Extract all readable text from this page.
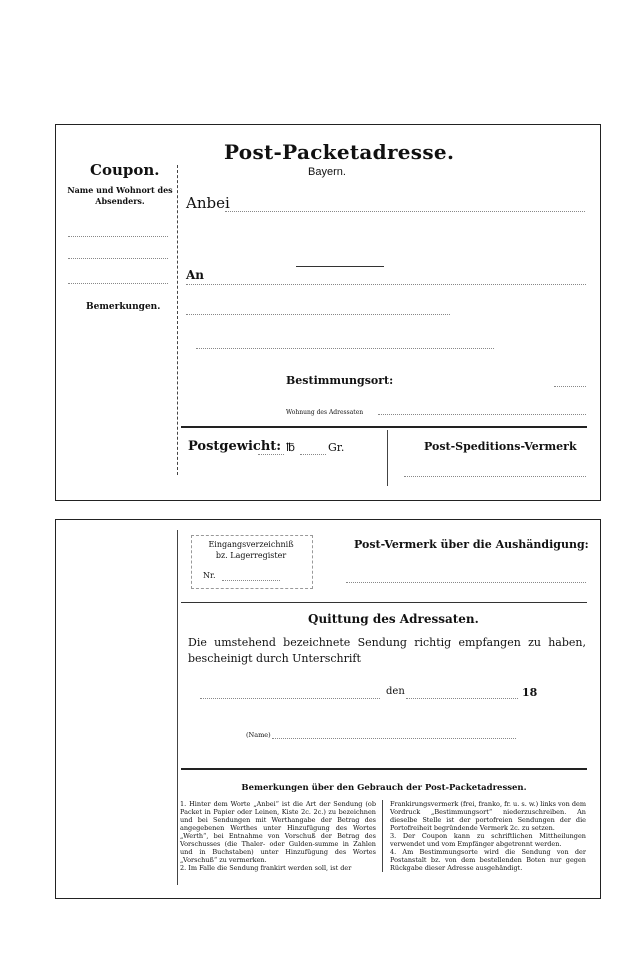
Coupon.
Name und Wohnort des Absenders.
Bemerkungen.
Post-Packetadresse.
Bayern.
Anbei
An
Bestimmungsort:
Wohnung des Adressaten
Postgewicht: ℔	Gr.	Post-Speditions-Vermerk
Eingangsverzeichniß
bz. Lagerregister
Nr.
Post-Vermerk über die Aushändigung:
Quittung des Adressaten.
Die umstehend bezeichnete Sendung richtig empfangen zu haben, bescheinigt durch Unterschrift
den	18
(Name)
Bemerkungen über den Gebrauch der Post-Packetadressen.
1. Hinter dem Worte „Anbei“ ist die Art der Sendung (ob Packet in Papier oder Leinen, Kiste 2c. 2c.) zu bezeichnen und bei Sendungen mit Werthangabe der Betrag des angegebenen Werthes unter Hinzufügung des Wortes „Werth“, bei Entnahme von Vorschuß der Betrag des Vorschusses (die Thaler- oder Gulden-summe in Zahlen und in Buchstaben) unter Hinzufügung des Wortes „Vorschuß“ zu vermerken.
2. Im Falle die Sendung frankirt werden soll, ist der
Frankirungsvermerk (frei, franko, fr. u. s. w.) links von dem Vordruck „Bestimmungsort“ niederzuschreiben. An dieselbe Stelle ist der portofreien Sendungen der die Portofreiheit begründende Vermerk 2c. zu setzen.
3. Der Coupon kann zu schriftlichen Mittheilungen verwendet und vom Empfänger abgetrennt werden.
4. Am Bestimmungsorte wird die Sendung von der Postanstalt bz. von dem bestellenden Boten nur gegen Rückgabe dieser Adresse ausgehändigt.
